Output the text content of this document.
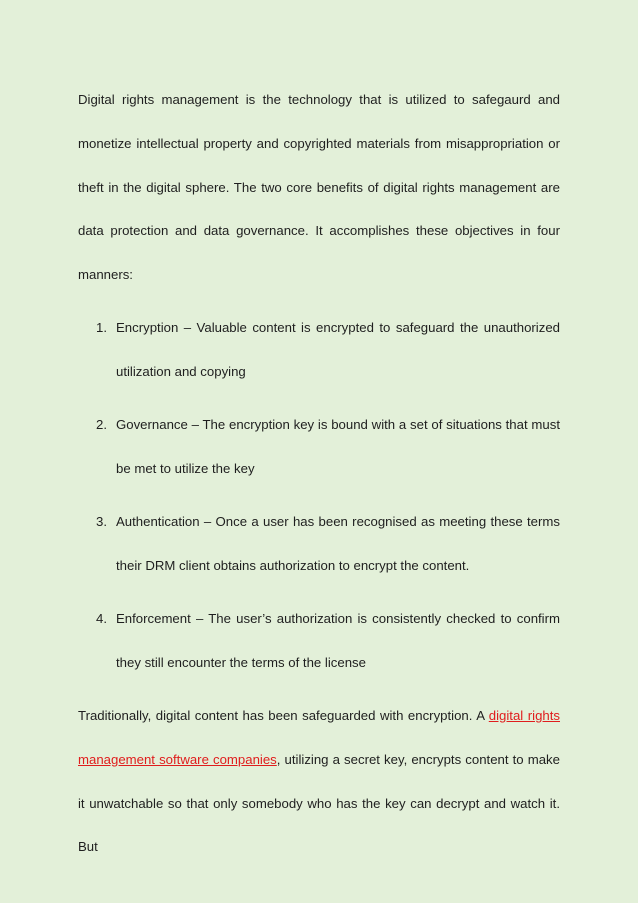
Digital rights management is the technology that is utilized to safegaurd and monetize intellectual property and copyrighted materials from misappropriation or theft in the digital sphere. The two core benefits of digital rights management are data protection and data governance. It accomplishes these objectives in four manners:

1. Encryption – Valuable content is encrypted to safeguard the unauthorized utilization and copying
2. Governance – The encryption key is bound with a set of situations that must be met to utilize the key
3. Authentication – Once a user has been recognised as meeting these terms their DRM client obtains authorization to encrypt the content.
4. Enforcement – The user’s authorization is consistently checked to confirm they still encounter the terms of the license

Traditionally, digital content has been safeguarded with encryption. A digital rights management software companies, utilizing a secret key, encrypts content to make it unwatchable so that only somebody who has the key can decrypt and watch it. But
